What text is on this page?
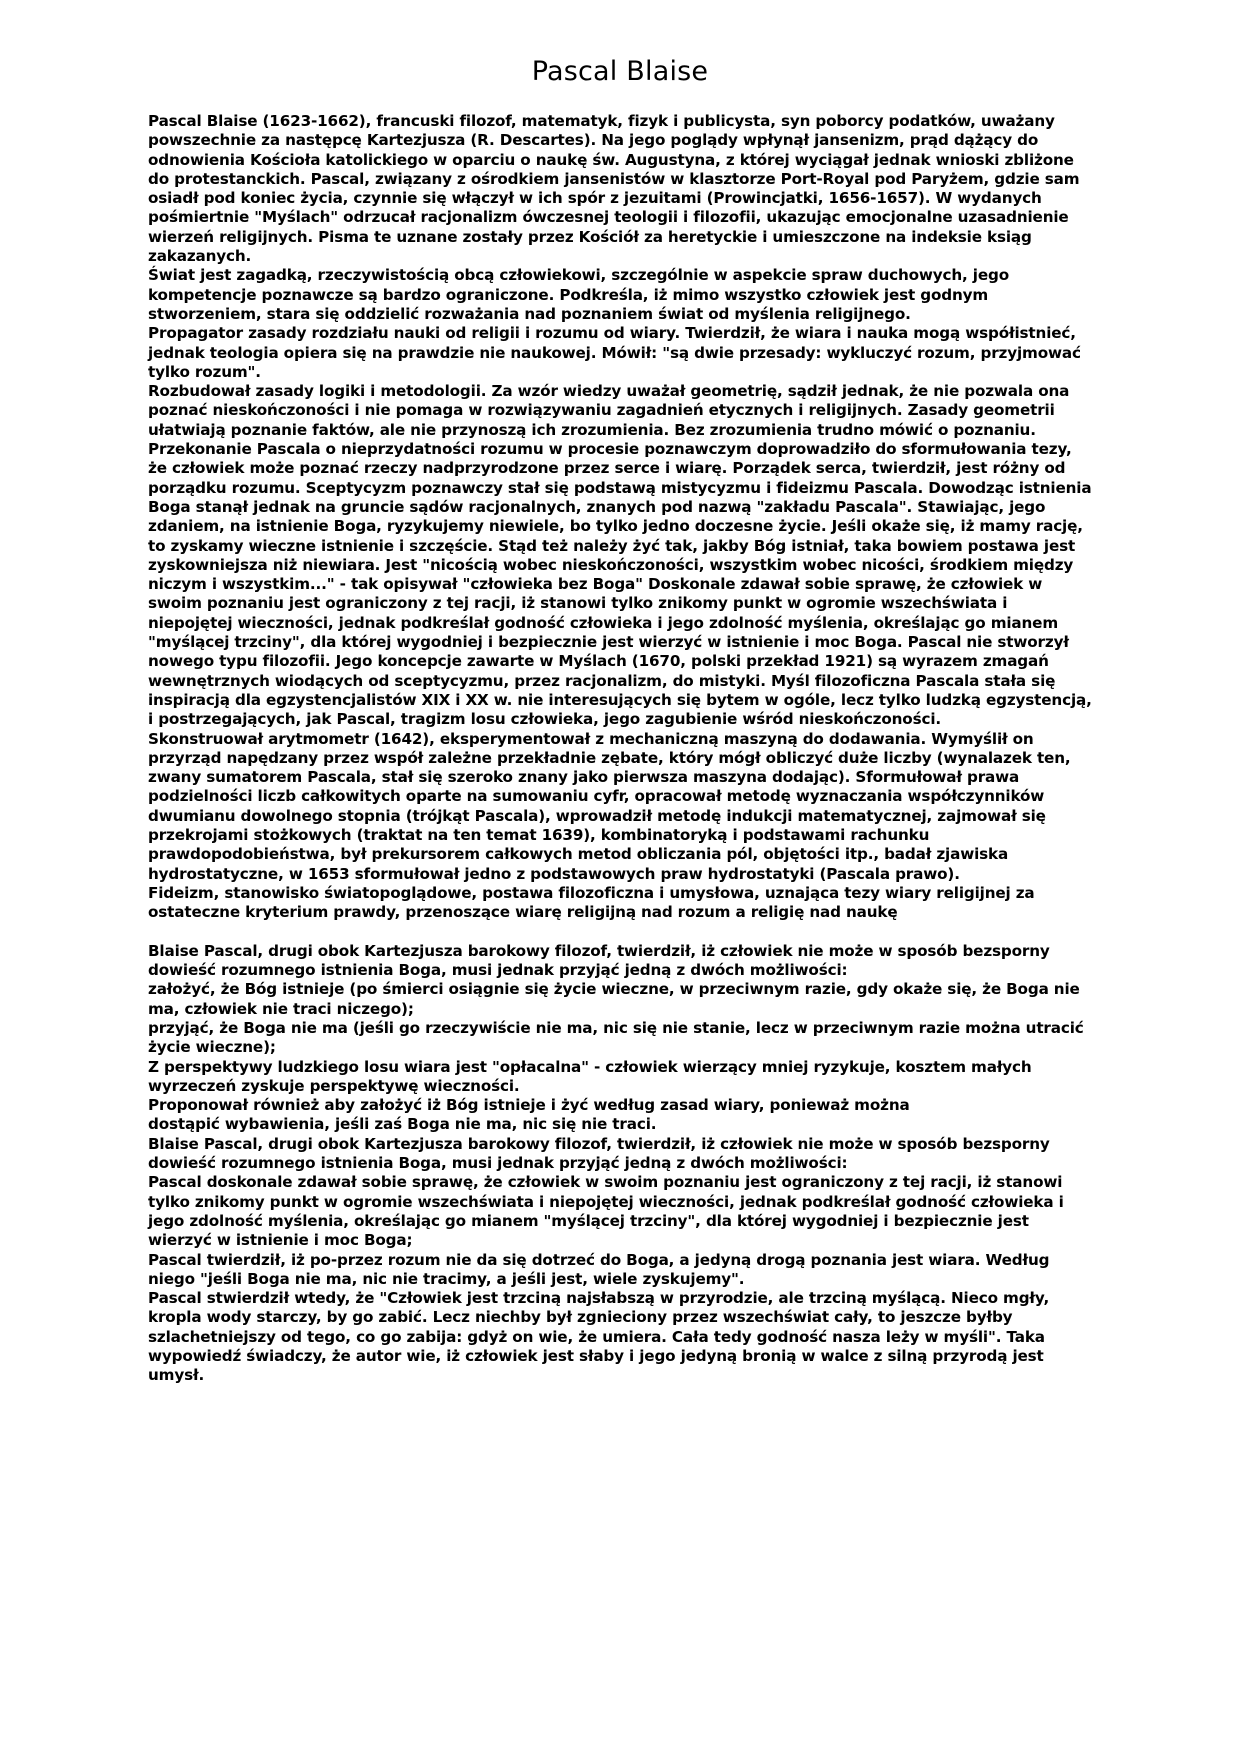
Pascal Blaise

Pascal Blaise (1623-1662), francuski filozof, matematyk, fizyk i publicysta, syn poborcy podatków, uważany powszechnie za następcę Kartezjusza (R. Descartes). Na jego poglądy wpłynął jansenizm, prąd dążący do odnowienia Kościoła katolickiego w oparciu o naukę św. Augustyna, z której wyciągał jednak wnioski zbliżone do protestanckich. Pascal, związany z ośrodkiem jansenistów w klasztorze Port-Royal pod Paryżem, gdzie sam osiadł pod koniec życia, czynnie się włączył w ich spór z jezuitami (Prowincjatki, 1656-1657). W wydanych pośmiertnie "Myślach" odrzucał racjonalizm ówczesnej teologii i filozofii, ukazując emocjonalne uzasadnienie wierzeń religijnych. Pisma te uznane zostały przez Kościół za heretyckie i umieszczone na indeksie ksiąg zakazanych.

Świat jest zagadką, rzeczywistością obcą człowiekowi, szczególnie w aspekcie spraw duchowych, jego kompetencje poznawcze są bardzo ograniczone. Podkreśla, iż mimo wszystko człowiek jest godnym stworzeniem, stara się oddzielić rozważania nad poznaniem świat od myślenia religijnego.

Propagator zasady rozdziału nauki od religii i rozumu od wiary. Twierdził, że wiara i nauka mogą współistnieć, jednak teologia opiera się na prawdzie nie naukowej. Mówił: "są dwie przesady: wykluczyć rozum, przyjmować tylko rozum".

Rozbudował zasady logiki i metodologii. Za wzór wiedzy uważał geometrię, sądził jednak, że nie pozwala ona poznać nieskończoności i nie pomaga w rozwiązywaniu zagadnień etycznych i religijnych. Zasady geometrii ułatwiają poznanie faktów, ale nie przynoszą ich zrozumienia. Bez zrozumienia trudno mówić o poznaniu. Przekonanie Pascala o nieprzydatności rozumu w procesie poznawczym doprowadziło do sformułowania tezy, że człowiek może poznać rzeczy nadprzyrodzone przez serce i wiarę. Porządek serca, twierdził, jest różny od porządku rozumu. Sceptycyzm poznawczy stał się podstawą mistycyzmu i fideizmu Pascala. Dowodząc istnienia Boga stanął jednak na gruncie sądów racjonalnych, znanych pod nazwą "zakładu Pascala". Stawiając, jego zdaniem, na istnienie Boga, ryzykujemy niewiele, bo tylko jedno doczesne życie. Jeśli okaże się, iż mamy rację, to zyskamy wieczne istnienie i szczęście. Stąd też należy żyć tak, jakby Bóg istniał, taka bowiem postawa jest zyskowniejsza niż niewiara. Jest "nicością wobec nieskończoności, wszystkim wobec nicości, środkiem między niczym i wszystkim..." - tak opisywał "człowieka bez Boga" Doskonale zdawał sobie sprawę, że człowiek w swoim poznaniu jest ograniczony z tej racji, iż stanowi tylko znikomy punkt w ogromie wszechświata i niepojętej wieczności, jednak podkreślał godność człowieka i jego zdolność myślenia, określając go mianem "myślącej trzciny", dla której wygodniej i bezpiecznie jest wierzyć w istnienie i moc Boga. Pascal nie stworzył nowego typu filozofii. Jego koncepcje zawarte w Myślach (1670, polski przekład 1921) są wyrazem zmagań wewnętrznych wiodących od sceptycyzmu, przez racjonalizm, do mistyki. Myśl filozoficzna Pascala stała się inspiracją dla egzystencjalistów XIX i XX w. nie interesujących się bytem w ogóle, lecz tylko ludzką egzystencją, i postrzegających, jak Pascal, tragizm losu człowieka, jego zagubienie wśród nieskończoności.

Skonstruował arytmometr (1642), eksperymentował z mechaniczną maszyną do dodawania. Wymyślił on przyrząd napędzany przez współ zależne przekładnie zębate, który mógł obliczyć duże liczby (wynalazek ten, zwany sumatorem Pascala, stał się szeroko znany jako pierwsza maszyna dodając). Sformułował prawa podzielności liczb całkowitych oparte na sumowaniu cyfr, opracował metodę wyznaczania współczynników dwumianu dowolnego stopnia (trójkąt Pascala), wprowadził metodę indukcji matematycznej, zajmował się przekrojami stożkowych (traktat na ten temat 1639), kombinatoryką i podstawami rachunku prawdopodobieństwa, był prekursorem całkowych metod obliczania pól, objętości itp., badał zjawiska hydrostatyczne, w 1653 sformułował jedno z podstawowych praw hydrostatyki (Pascala prawo).

Fideizm, stanowisko światopoglądowe, postawa filozoficzna i umysłowa, uznająca tezy wiary religijnej za ostateczne kryterium prawdy, przenoszące wiarę religijną nad rozum a religię nad naukę

Blaise Pascal, drugi obok Kartezjusza barokowy filozof, twierdził, iż człowiek nie może w sposób bezsporny dowieść rozumnego istnienia Boga, musi jednak przyjąć jedną z dwóch możliwości:

założyć, że Bóg istnieje (po śmierci osiągnie się życie wieczne, w przeciwnym razie, gdy okaże się, że Boga nie ma, człowiek nie traci niczego);

przyjąć, że Boga nie ma (jeśli go rzeczywiście nie ma, nic się nie stanie, lecz w przeciwnym razie można utracić życie wieczne);

Z perspektywy ludzkiego losu wiara jest "opłacalna" - człowiek wierzący mniej ryzykuje, kosztem małych wyrzeczeń zyskuje perspektywę wieczności.

Proponował również aby założyć iż Bóg istnieje i żyć według zasad wiary, ponieważ można

dostąpić wybawienia, jeśli zaś Boga nie ma, nic się nie traci.

Blaise Pascal, drugi obok Kartezjusza barokowy filozof, twierdził, iż człowiek nie może w sposób bezsporny dowieść rozumnego istnienia Boga, musi jednak przyjąć jedną z dwóch możliwości:

Pascal doskonale zdawał sobie sprawę, że człowiek w swoim poznaniu jest ograniczony z tej racji, iż stanowi tylko znikomy punkt w ogromie wszechświata i niepojętej wieczności, jednak podkreślał godność człowieka i jego zdolność myślenia, określając go mianem "myślącej trzciny", dla której wygodniej i bezpiecznie jest wierzyć w istnienie i moc Boga;

Pascal twierdził, iż po-przez rozum nie da się dotrzeć do Boga, a jedyną drogą poznania jest wiara. Według niego "jeśli Boga nie ma, nic nie tracimy, a jeśli jest, wiele zyskujemy".

Pascal stwierdził wtedy, że "Człowiek jest trzciną najsłabszą w przyrodzie, ale trzciną myślącą. Nieco mgły, kropla wody starczy, by go zabić. Lecz niechby był zgnieciony przez wszechświat cały, to jeszcze byłby szlachetniejszy od tego, co go zabija: gdyż on wie, że umiera. Cała tedy godność nasza leży w myśli". Taka wypowiedź świadczy, że autor wie, iż człowiek jest słaby i jego jedyną bronią w walce z silną przyrodą jest umysł.
